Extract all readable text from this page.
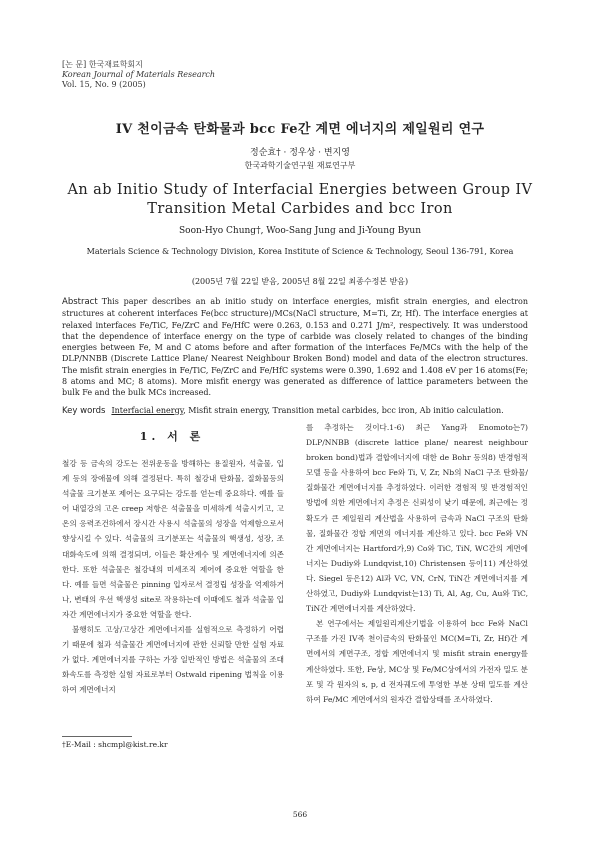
[논 문] 한국재료학회지
Korean Journal of Materials Research
Vol. 15, No. 9 (2005)
IV 천이금속 탄화물과 bcc Fe간 계면 에너지의 제일원리 연구
정순효† · 정우상 · 변지영
한국과학기술연구원 재료연구부
An ab Initio Study of Interfacial Energies between Group IV
Transition Metal Carbides and bcc Iron
Soon-Hyo Chung†, Woo-Sang Jung and Ji-Young Byun
Materials Science & Technology Division, Korea Institute of Science & Technology, Seoul 136-791, Korea
(2005년 7월 22일 받음, 2005년 8월 22일 최종수정본 받음)
Abstract This paper describes an ab initio study on interface energies, misfit strain energies, and electron structures at coherent interfaces Fe(bcc structure)/MCs(NaCl structure, M=Ti, Zr, Hf). The interface energies at relaxed interfaces Fe/TiC, Fe/ZrC and Fe/HfC were 0.263, 0.153 and 0.271 J/m², respectively. It was understood that the dependence of interface energy on the type of carbide was closely related to changes of the binding energies between Fe, M and C atoms before and after formation of the interfaces Fe/MCs with the help of the DLP/NNBB (Discrete Lattice Plane/ Nearest Neighbour Broken Bond) model and data of the electron structures. The misfit strain energies in Fe/TiC, Fe/ZrC and Fe/HfC systems were 0.390, 1.692 and 1.408 eV per 16 atoms(Fe; 8 atoms and MC; 8 atoms). More misfit energy was generated as difference of lattice parameters between the bulk Fe and the bulk MCs increased.
Key words Interfacial energy, Misfit strain energy, Transition metal carbides, bcc iron, Ab initio calculation.
1. 서 론

철강 등 금속의 강도는 전위운동을 방해하는 용질원자, 석출물, 입계 등의 장애물에 의해 결정된다. 특히 철강내 탄화물, 질화물등의 석출물 크기분포 제어는 요구되는 강도를 얻는데 중요하다. 예를 들어 내열강의 고온 creep 저항은 석출물을 미세하게 석출시키고, 고온의 응력조건하에서 장시간 사용시 석출물의 성장을 억제함으로서 향상시킬 수 있다. 석출물의 크기분포는 석출물의 핵생성, 성장, 조대화속도에 의해 결정되며, 이들은 확산계수 및 계면에너지에 의존한다. 또한 석출물은 철강내의 미세조직 제어에 중요한 역할을 한다. 예를 들면 석출물은 pinning 입자로서 결정립 성장을 억제하거나, 변태의 우선 핵생성 site로 작용하는데 이때에도 철과 석출물 입자간 계면에너지가 중요한 역할을 한다.

불행히도 고상/고상간 계면에너지를 실험적으로 측정하기 어렵기 때문에 철과 석출물간 계면에너지에 관한 신뢰할 만한 실험 자료가 없다. 계면에너지를 구하는 가장 일반적인 방법은 석출물의 조대화속도를 측정한 실험 자료로부터 Ostwald ripening 법칙을 이용하여 계면에너지

를 추정하는 것이다.1-6) 최근 Yang과 Enomoto는7) DLP/NNBB (discrete lattice plane/ nearest neighbour broken bond)법과 결합에너지에 대한 de Bohr 등의8) 반경험적 모델 등을 사용하여 bcc Fe와 Ti, V, Zr, Nb의 NaCl 구조 탄화물/질화물간 계면에너지를 추정하였다. 이러한 경험적 및 반경험적인 방법에 의한 계면에너지 추정은 신뢰성이 낮기 때문에, 최근에는 정확도가 큰 제일원리 계산법을 사용하여 금속과 NaCl 구조의 탄화물, 질화물간 정합 계면의 에너지를 계산하고 있다. bcc Fe와 VN간 계면에너지는 Hartford가,9) Co와 TiC, TiN, WC간의 계면에너지는 Dudiy와 Lundqvist,10) Christensen 등이11) 계산하였다. Siegel 등은12) Al과 VC, VN, CrN, TiN간 계면에너지를 계산하였고, Dudiy와 Lundqvist는13) Ti, Al, Ag, Cu, Au와 TiC, TiN간 계면에너지를 계산하였다.

본 연구에서는 제일원리계산기법을 이용하여 bcc Fe와 NaCl 구조를 가진 IV족 천이금속의 탄화물인 MC(M=Ti, Zr, Hf)간 계면에서의 계면구조, 정합 계면에너지 및 misfit strain energy를 계산하였다. 또한, Fe상, MC상 및 Fe/MC상에서의 가전자 밀도 분포 및 각 원자의 s, p, d 전자궤도에 투영한 부분 상태 밀도를 계산하여 Fe/MC 계면에서의 원자간 결합상태를 조사하였다.

†E-Mail : shcmpl@kist.re.kr
566
